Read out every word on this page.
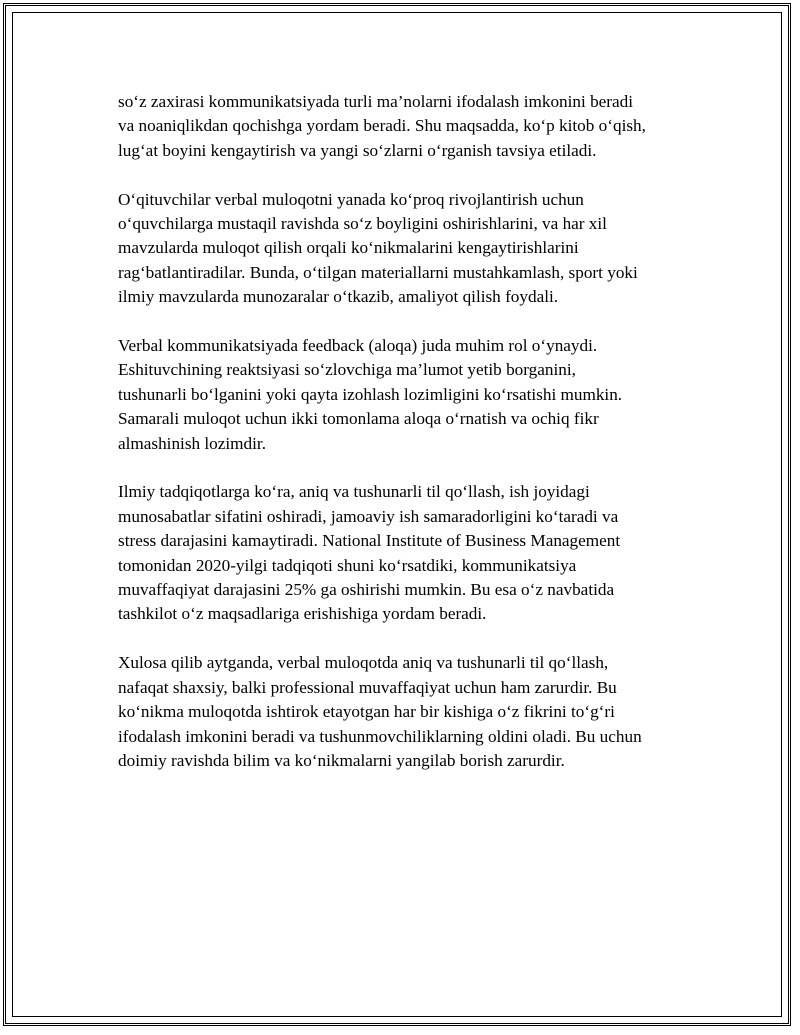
so‘z zaxirasi kommunikatsiyada turli ma’nolarni ifodalash imkonini beradi
va noaniqlikdan qochishga yordam beradi. Shu maqsadda, ko‘p kitob o‘qish,
lug‘at boyini kengaytirish va yangi so‘zlarni o‘rganish tavsiya etiladi.

O‘qituvchilar verbal muloqotni yanada ko‘proq rivojlantirish uchun
o‘quvchilarga mustaqil ravishda so‘z boyligini oshirishlarini, va har xil
mavzularda muloqot qilish orqali ko‘nikmalarini kengaytirishlarini
rag‘batlantiradilar. Bunda, o‘tilgan materiallarni mustahkamlash, sport yoki
ilmiy mavzularda munozaralar o‘tkazib, amaliyot qilish foydali.

Verbal kommunikatsiyada feedback (aloqa) juda muhim rol o‘ynaydi.
Eshituvchining reaktsiyasi so‘zlovchiga ma’lumot yetib borganini,
tushunarli bo‘lganini yoki qayta izohlash lozimligini ko‘rsatishi mumkin.
Samarali muloqot uchun ikki tomonlama aloqa o‘rnatish va ochiq fikr
almashinish lozimdir.

Ilmiy tadqiqotlarga ko‘ra, aniq va tushunarli til qo‘llash, ish joyidagi
munosabatlar sifatini oshiradi, jamoaviy ish samaradorligini ko‘taradi va
stress darajasini kamaytiradi. National Institute of Business Management
tomonidan 2020-yilgi tadqiqoti shuni ko‘rsatdiki, kommunikatsiya
muvaffaqiyat darajasini 25% ga oshirishi mumkin. Bu esa o‘z navbatida
tashkilot o‘z maqsadlariga erishishiga yordam beradi.

Xulosa qilib aytganda, verbal muloqotda aniq va tushunarli til qo‘llash,
nafaqat shaxsiy, balki professional muvaffaqiyat uchun ham zarurdir. Bu
ko‘nikma muloqotda ishtirok etayotgan har bir kishiga o‘z fikrini to‘g‘ri
ifodalash imkonini beradi va tushunmovchiliklarning oldini oladi. Bu uchun
doimiy ravishda bilim va ko‘nikmalarni yangilab borish zarurdir.
